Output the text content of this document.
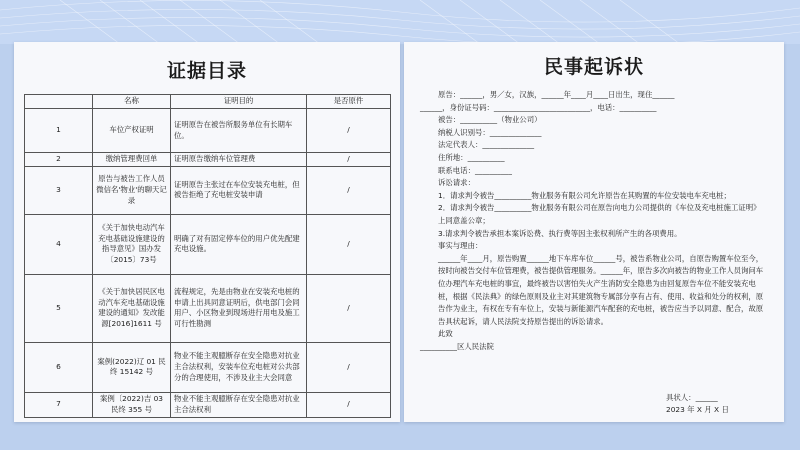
证据目录
	名称	证明目的	是否原件
1	车位产权证明	证明原告在被告所服务单位有长期车位。	/
2	缴纳管理费回单	证明原告缴纳车位管理费	/
3	原告与被告工作人员微信名'物业'的聊天记录	证明原告主张过在车位安装充电桩，但被告拒绝了充电桩安装申请	/
4	《关于加快电动汽车充电基础设施建设的指导意见》国办发〔2015〕73号	明确了对有固定停车位的用户优先配建充电设施。	/
5	《关于加快居民区电动汽车充电基础设施建设的通知》发改能源[2016]1611 号	流程规定，先是由物业在安装充电桩的申请上出具同意证明后，供电部门会同用户、小区物业到现场进行用电及施工可行性勘测	/
6	案例(2022)辽 01 民终 15142 号	物业不能主观臆断存在安全隐患对抗业主合法权利，安装车位充电桩对公共部分的合理使用，不涉及业主大会同意	/
7	案例〔2022)吉 03 民终 355 号	物业不能主观臆断存在安全隐患对抗业主合法权利	/
民事起诉状

原告：______，男／女，汉族，______年____月____日出生，现住______

______，身份证号码：__________________________，电话：__________

被告：__________（物业公司）

纳税人识别号：______________

法定代表人：______________

住所地：__________

联系电话：__________

诉讼请求：

1．请求判令被告__________物业服务有限公司允许原告在其购置的车位安装电车充电桩；

2．请求判令被告__________物业服务有限公司在原告向电力公司提供的《车位及充电桩施工证明》 上同意盖公章；

3.请求判令被告承担本案诉讼费、执行费等因主张权利所产生的各项费用。

事实与理由：

______年____月，原告购置______地下车库车位______号，被告系物业公司，自原告购置车位至今，按时向被告交付车位管理费，被告提供管理服务。______年，原告多次向被告的物业工作人员询问车位办理汽车充电桩的事宜，最终被告以害怕失火产生消防安全隐患为由回复原告车位不能安装充电桩，根据《民法典》的绿色原则及业主对其建筑物专属部分享有占有、使用、收益和处分的权利，原告作为业主，有权在专有车位上，安装与新能源汽车配套的充电桩，被告应当予以同意、配合，故原告具状起诉，请人民法院支持原告提出的诉讼请求。

此致

__________区人民法院

具状人：______
2023 年 X 月 X 日
